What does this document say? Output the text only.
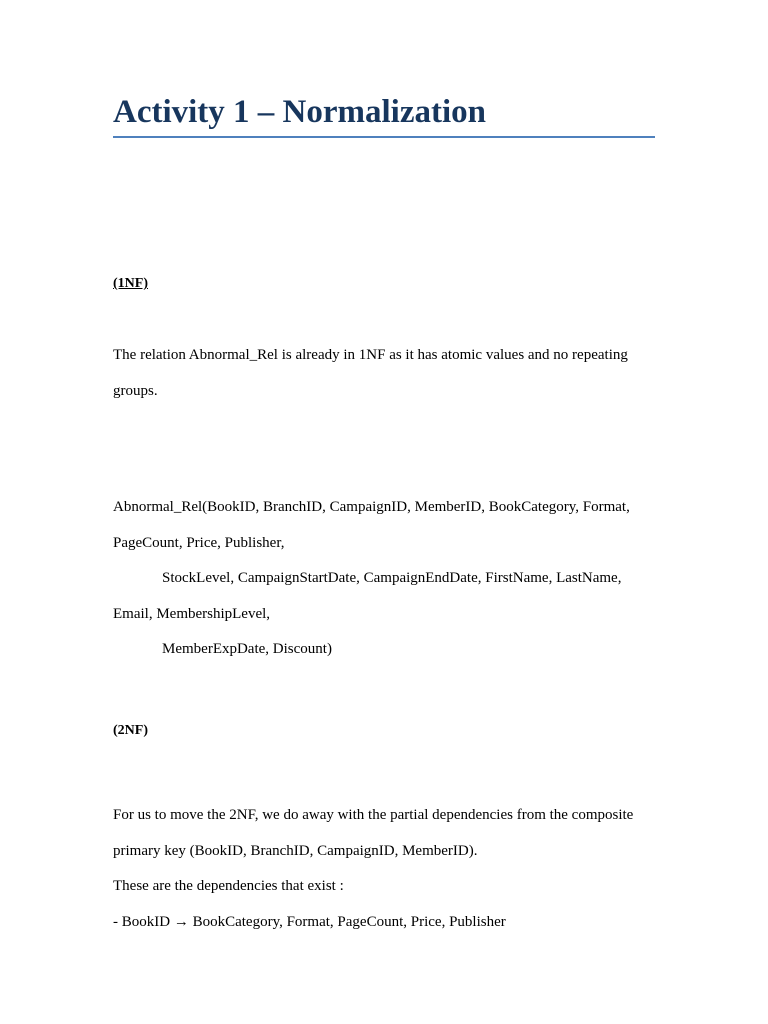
Activity 1 – Normalization

(1NF)

The relation Abnormal_Rel is already in 1NF as it has atomic values and no repeating

groups.

Abnormal_Rel(BookID, BranchID, CampaignID, MemberID, BookCategory, Format,

PageCount, Price, Publisher,

StockLevel, CampaignStartDate, CampaignEndDate, FirstName, LastName,

Email, MembershipLevel,

MemberExpDate, Discount)

(2NF)

For us to move the 2NF, we do away with the partial dependencies from the composite

primary key (BookID, BranchID, CampaignID, MemberID).

These are the dependencies that exist :

- BookID → BookCategory, Format, PageCount, Price, Publisher
